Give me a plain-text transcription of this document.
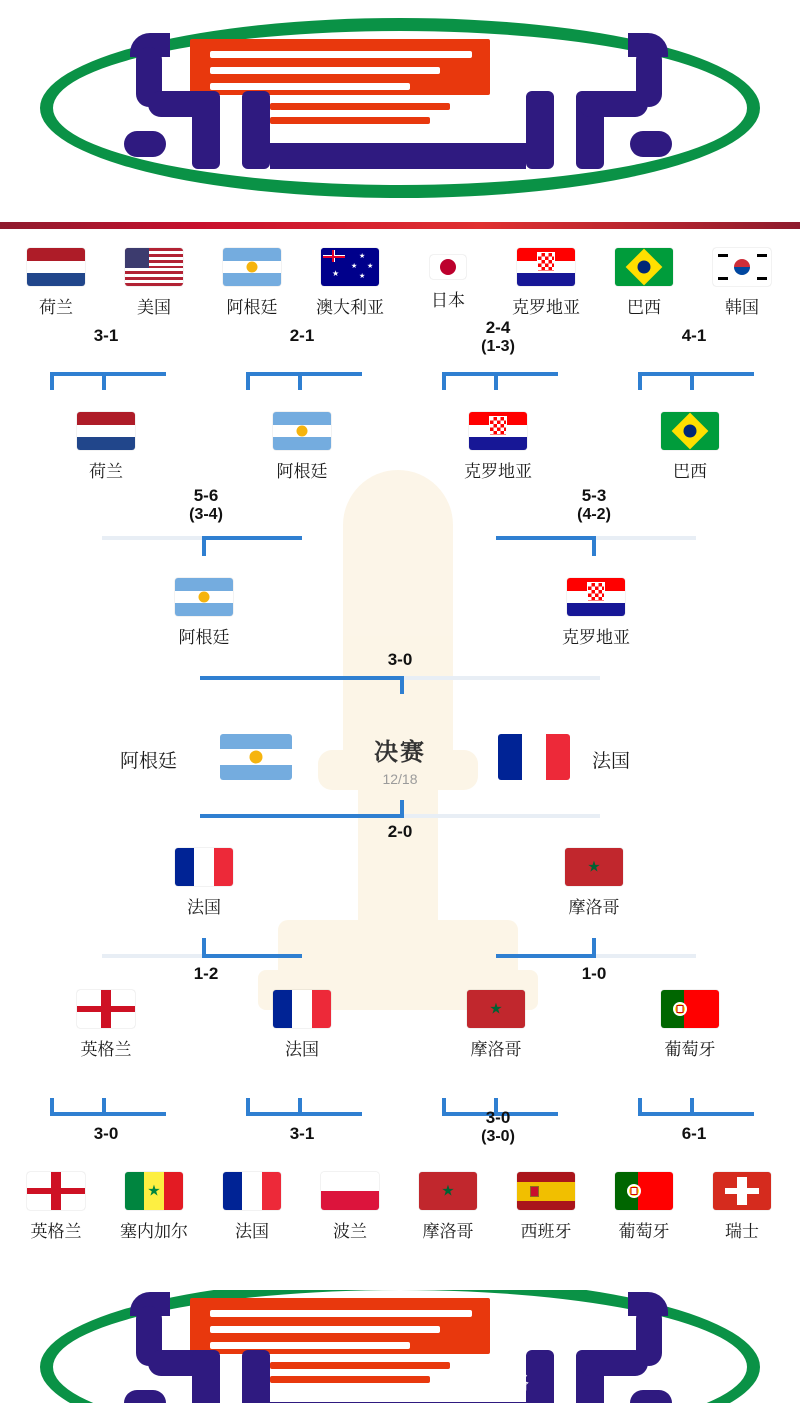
荷兰	美国	阿根廷
★
★
★
★
★
澳大利亚	日本	克罗地亚	巴西	韩国
3-1	2-1	2-4
(1-3)
4-1
荷兰	阿根廷	克罗地亚	巴西
5-6
(3-4)
5-3
(4-2)
阿根廷	克罗地亚
3-0
决赛
12/18
阿根廷	法国
2-0
法国
★
摩洛哥
1-2	1-0
英格兰	法国
★
摩洛哥	葡萄牙
3-0	3-1
3-0
(3-0)	6-1
英格兰
★
塞内加尔	法国	波兰
★
摩洛哥	西班牙	葡萄牙	瑞士
@网络
